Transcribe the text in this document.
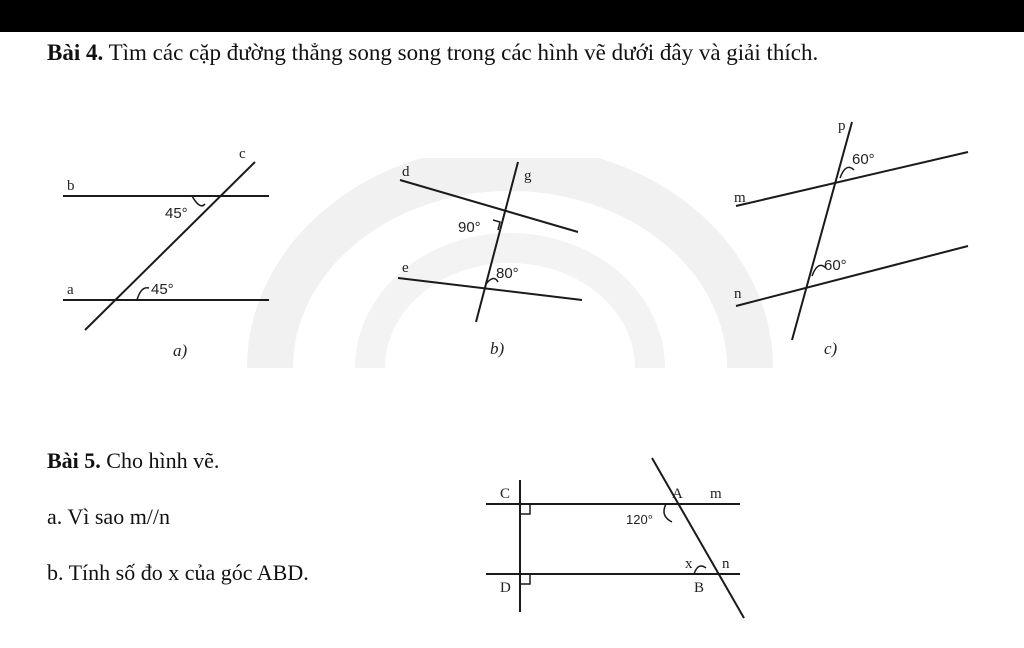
Bài 4. Tìm các cặp đường thẳng song song trong các hình vẽ dưới đây và giải thích.
b
a
c
45°
45°
a)
d
e
g
90°
80°
b)
p
m
n
60°
60°
c)
Bài 5. Cho hình vẽ.
a. Vì sao m//n
b. Tính số đo x của góc ABD.
C
D
A
B
m
n
120°
x
